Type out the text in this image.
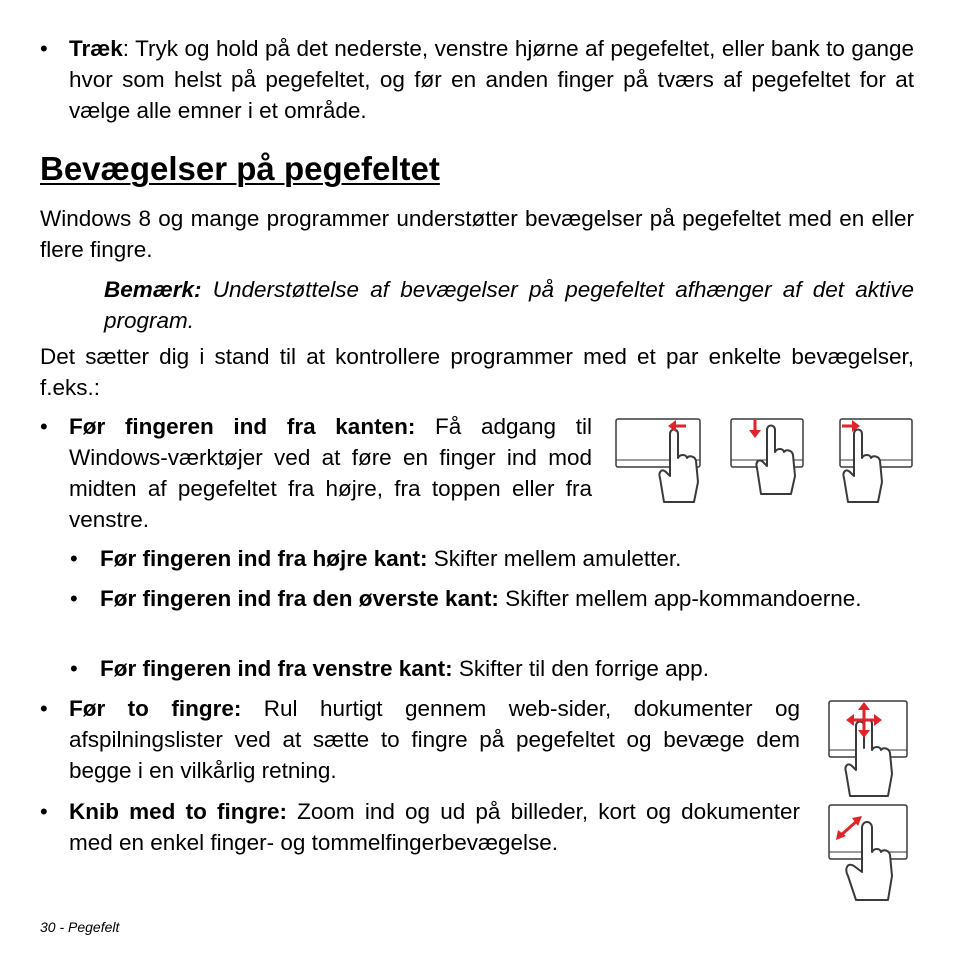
• Træk: Tryk og hold på det nederste, venstre hjørne af pegefeltet, eller bank to gange hvor som helst på pegefeltet, og før en anden finger på tværs af pegefeltet for at vælge alle emner i et område.

Bevægelser på pegefeltet

Windows 8 og mange programmer understøtter bevægelser på pegefeltet med en eller flere fingre.

Bemærk: Understøttelse af bevægelser på pegefeltet afhænger af det aktive program.

Det sætter dig i stand til at kontrollere programmer med et par enkelte bevægelser, f.eks.:

• Før fingeren ind fra kanten: Få adgang til Windows-værktøjer ved at føre en finger ind mod midten af pegefeltet fra højre, fra toppen eller fra venstre.

• Før fingeren ind fra højre kant: Skifter mellem amuletter.

• Før fingeren ind fra den øverste kant: Skifter mellem app-kommandoerne.

• Før fingeren ind fra venstre kant: Skifter til den forrige app.

• Før to fingre: Rul hurtigt gennem web-sider, dokumenter og afspilningslister ved at sætte to fingre på pegefeltet og bevæge dem begge i en vilkårlig retning.

• Knib med to fingre: Zoom ind og ud på billeder, kort og dokumenter med en enkel finger- og tommelfingerbevægelse.

30 - Pegefelt
